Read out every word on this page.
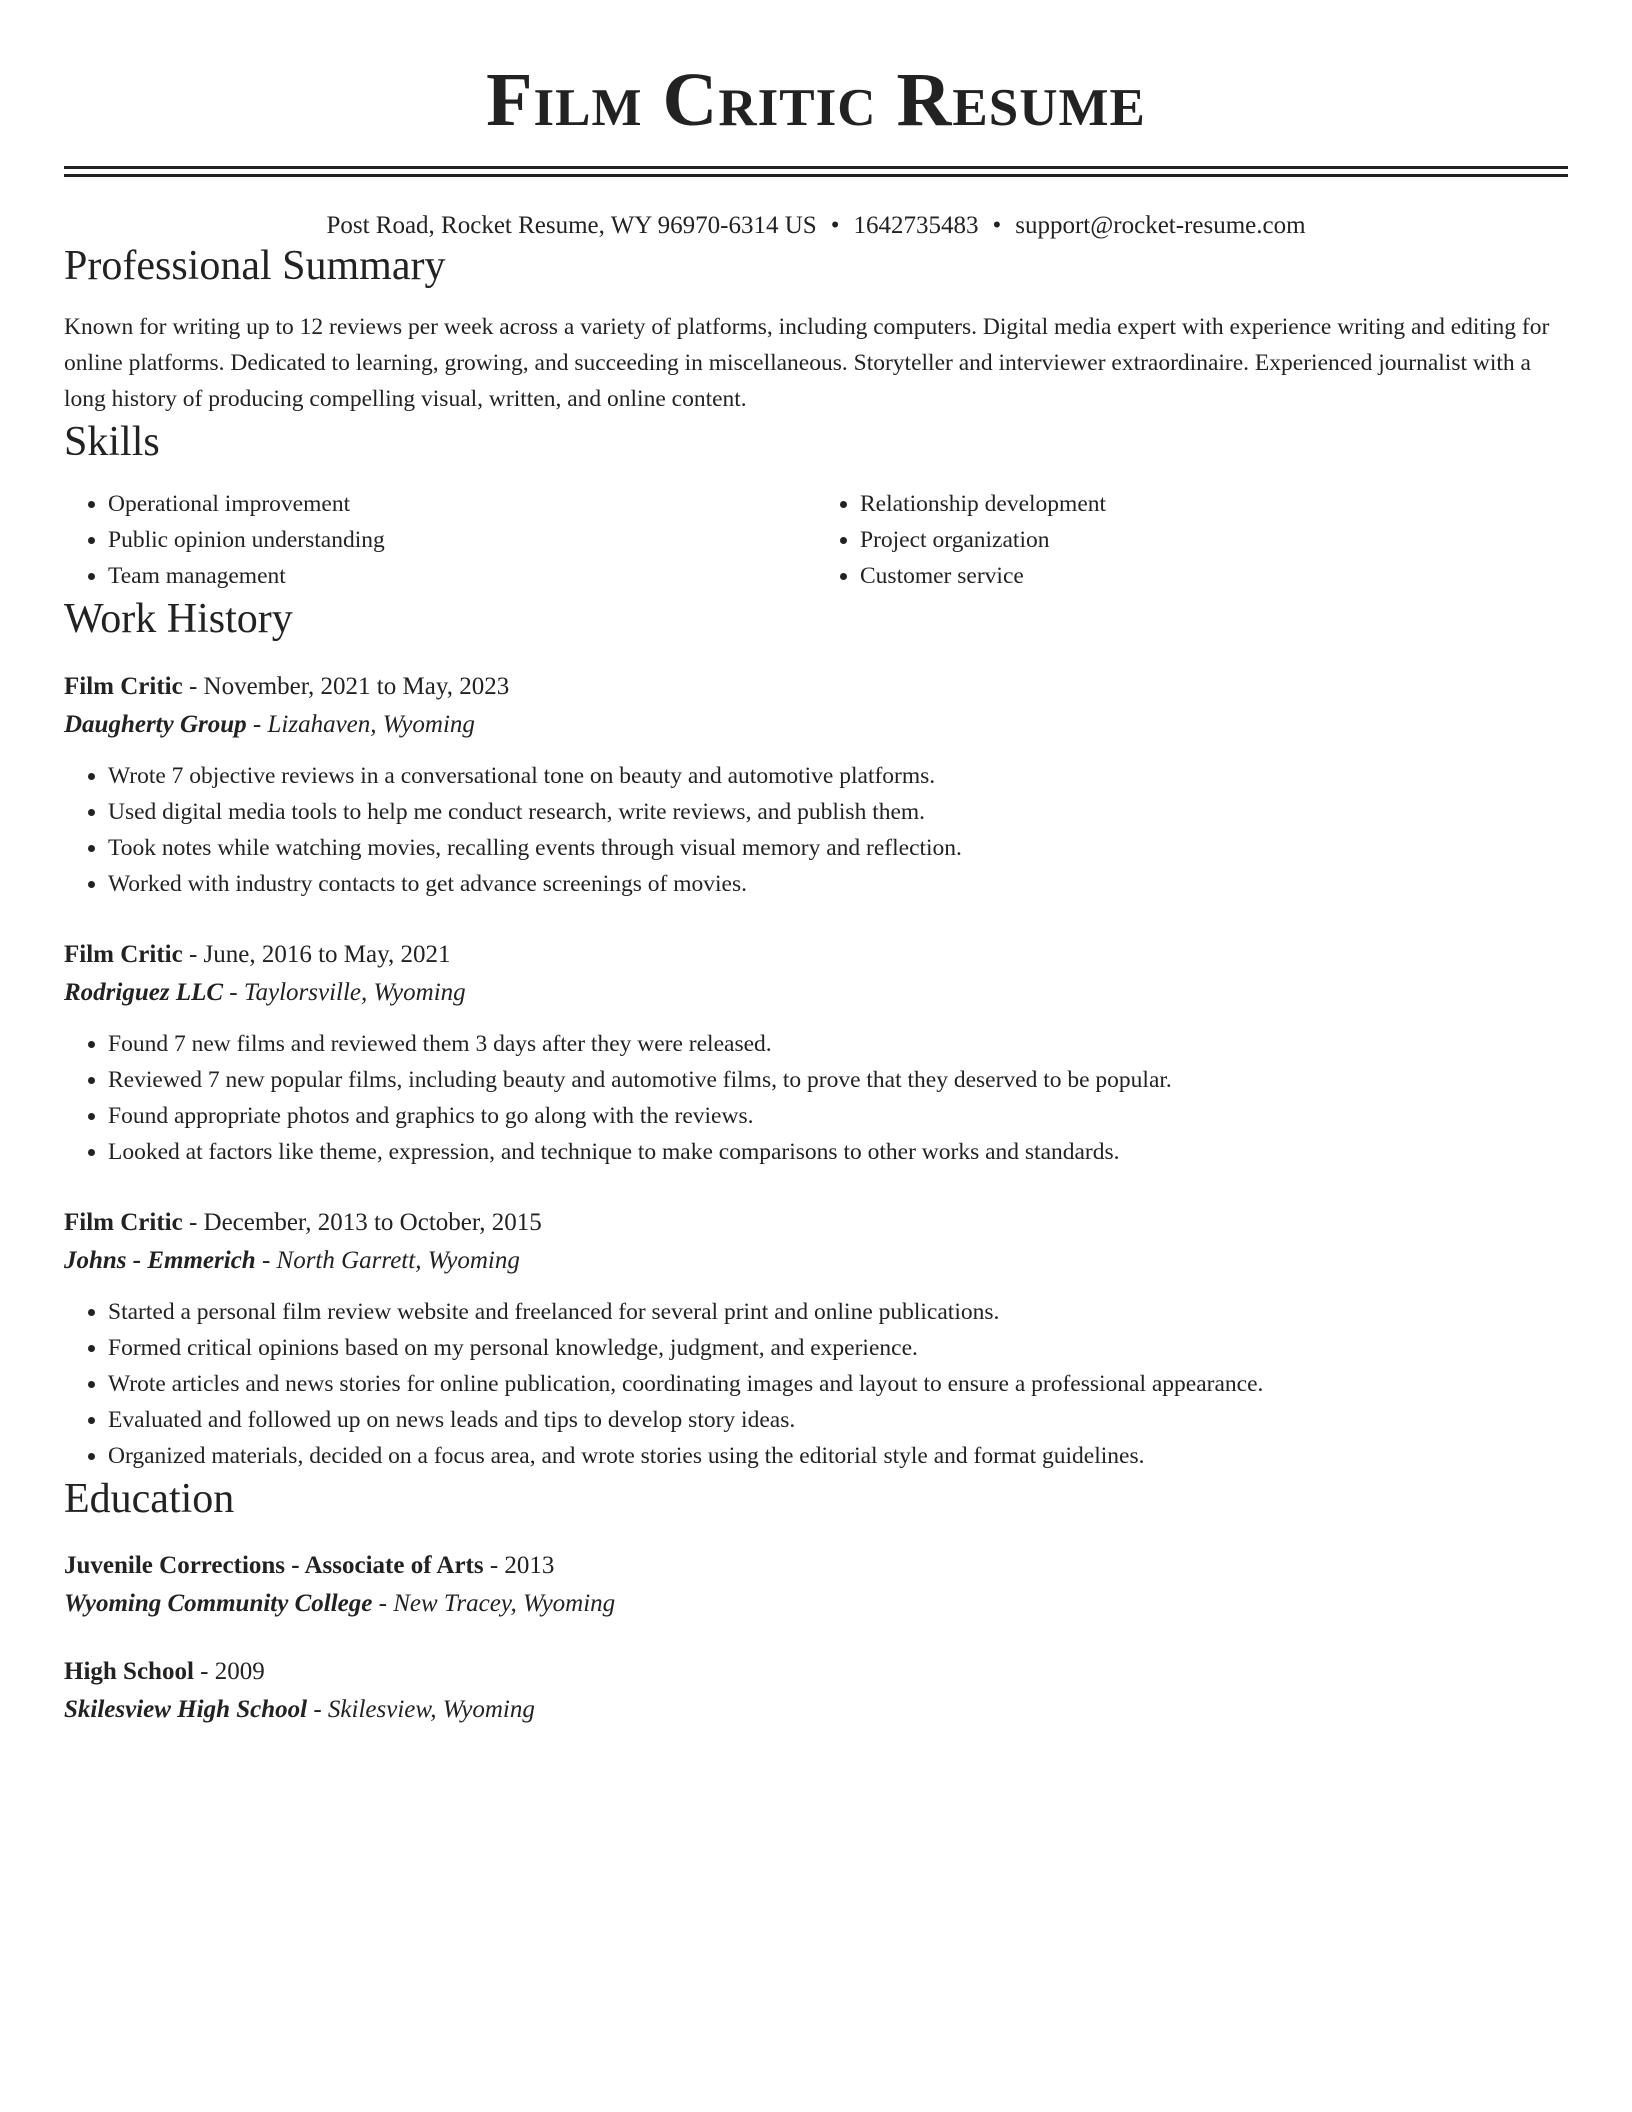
Film Critic Resume
Post Road, Rocket Resume, WY 96970-6314 US • 1642735483 • support@rocket-resume.com
Professional Summary

Known for writing up to 12 reviews per week across a variety of platforms, including computers. Digital media expert with experience writing and editing for online platforms. Dedicated to learning, growing, and succeeding in miscellaneous. Storyteller and interviewer extraordinaire. Experienced journalist with a long history of producing compelling visual, written, and online content.

Skills
• Operational improvement
• Public opinion understanding
• Team management
• Relationship development
• Project organization
• Customer service
Work History
Film Critic - November, 2021 to May, 2023
Daugherty Group - Lizahaven, Wyoming
• Wrote 7 objective reviews in a conversational tone on beauty and automotive platforms.
• Used digital media tools to help me conduct research, write reviews, and publish them.
• Took notes while watching movies, recalling events through visual memory and reflection.
• Worked with industry contacts to get advance screenings of movies.
Film Critic - June, 2016 to May, 2021
Rodriguez LLC - Taylorsville, Wyoming
• Found 7 new films and reviewed them 3 days after they were released.
• Reviewed 7 new popular films, including beauty and automotive films, to prove that they deserved to be popular.
• Found appropriate photos and graphics to go along with the reviews.
• Looked at factors like theme, expression, and technique to make comparisons to other works and standards.
Film Critic - December, 2013 to October, 2015
Johns - Emmerich - North Garrett, Wyoming
• Started a personal film review website and freelanced for several print and online publications.
• Formed critical opinions based on my personal knowledge, judgment, and experience.
• Wrote articles and news stories for online publication, coordinating images and layout to ensure a professional appearance.
• Evaluated and followed up on news leads and tips to develop story ideas.
• Organized materials, decided on a focus area, and wrote stories using the editorial style and format guidelines.
Education
Juvenile Corrections - Associate of Arts - 2013
Wyoming Community College - New Tracey, Wyoming
High School - 2009
Skilesview High School - Skilesview, Wyoming
